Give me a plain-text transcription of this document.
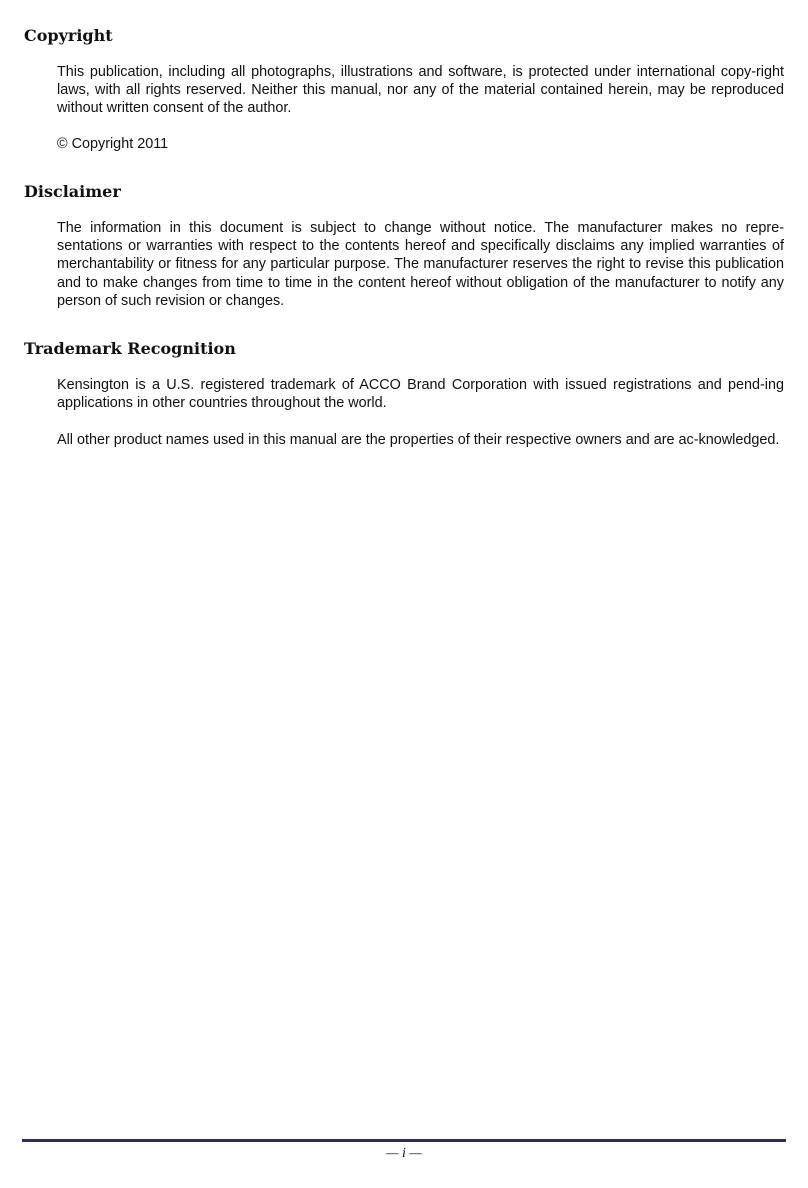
Copyright

This publication, including all photographs, illustrations and software, is protected under international copy-right laws, with all rights reserved. Neither this manual, nor any of the material contained herein, may be reproduced without written consent of the author.

© Copyright 2011

Disclaimer

The information in this document is subject to change without notice. The manufacturer makes no repre-sentations or warranties with respect to the contents hereof and specifically disclaims any implied warranties of merchantability or fitness for any particular purpose. The manufacturer reserves the right to revise this publication and to make changes from time to time in the content hereof without obligation of the manufacturer to notify any person of such revision or changes.

Trademark Recognition

Kensington is a U.S. registered trademark of ACCO Brand Corporation with issued registrations and pend-ing applications in other countries throughout the world.

All other product names used in this manual are the properties of their respective owners and are ac-knowledged.

— i —
